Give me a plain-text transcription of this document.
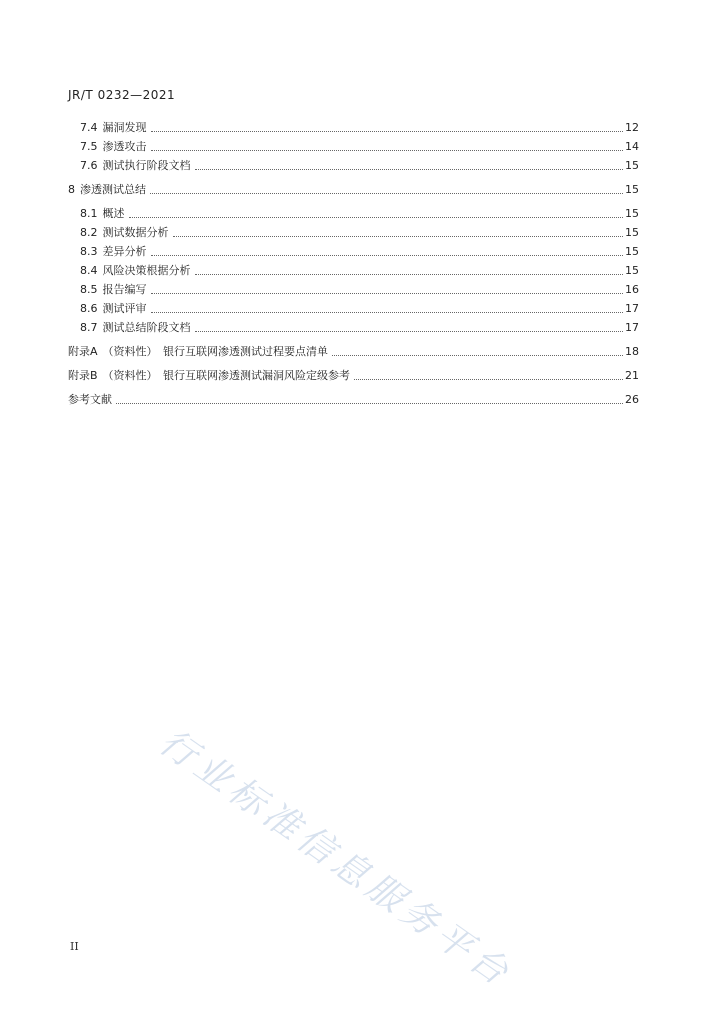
JR/T 0232—2021
7.4 漏洞发现	12
7.5 渗透攻击	14
7.6 测试执行阶段文档	15
8 渗透测试总结	15
8.1 概述	15
8.2 测试数据分析	15
8.3 差异分析	15
8.4 风险决策根据分析	15
8.5 报告编写	16
8.6 测试评审	17
8.7 测试总结阶段文档	17
附录A （资料性）　银行互联网渗透测试过程要点清单	18
附录B （资料性）　银行互联网渗透测试漏洞风险定级参考	21
参考文献	26
行业标准信息服务平台
II
